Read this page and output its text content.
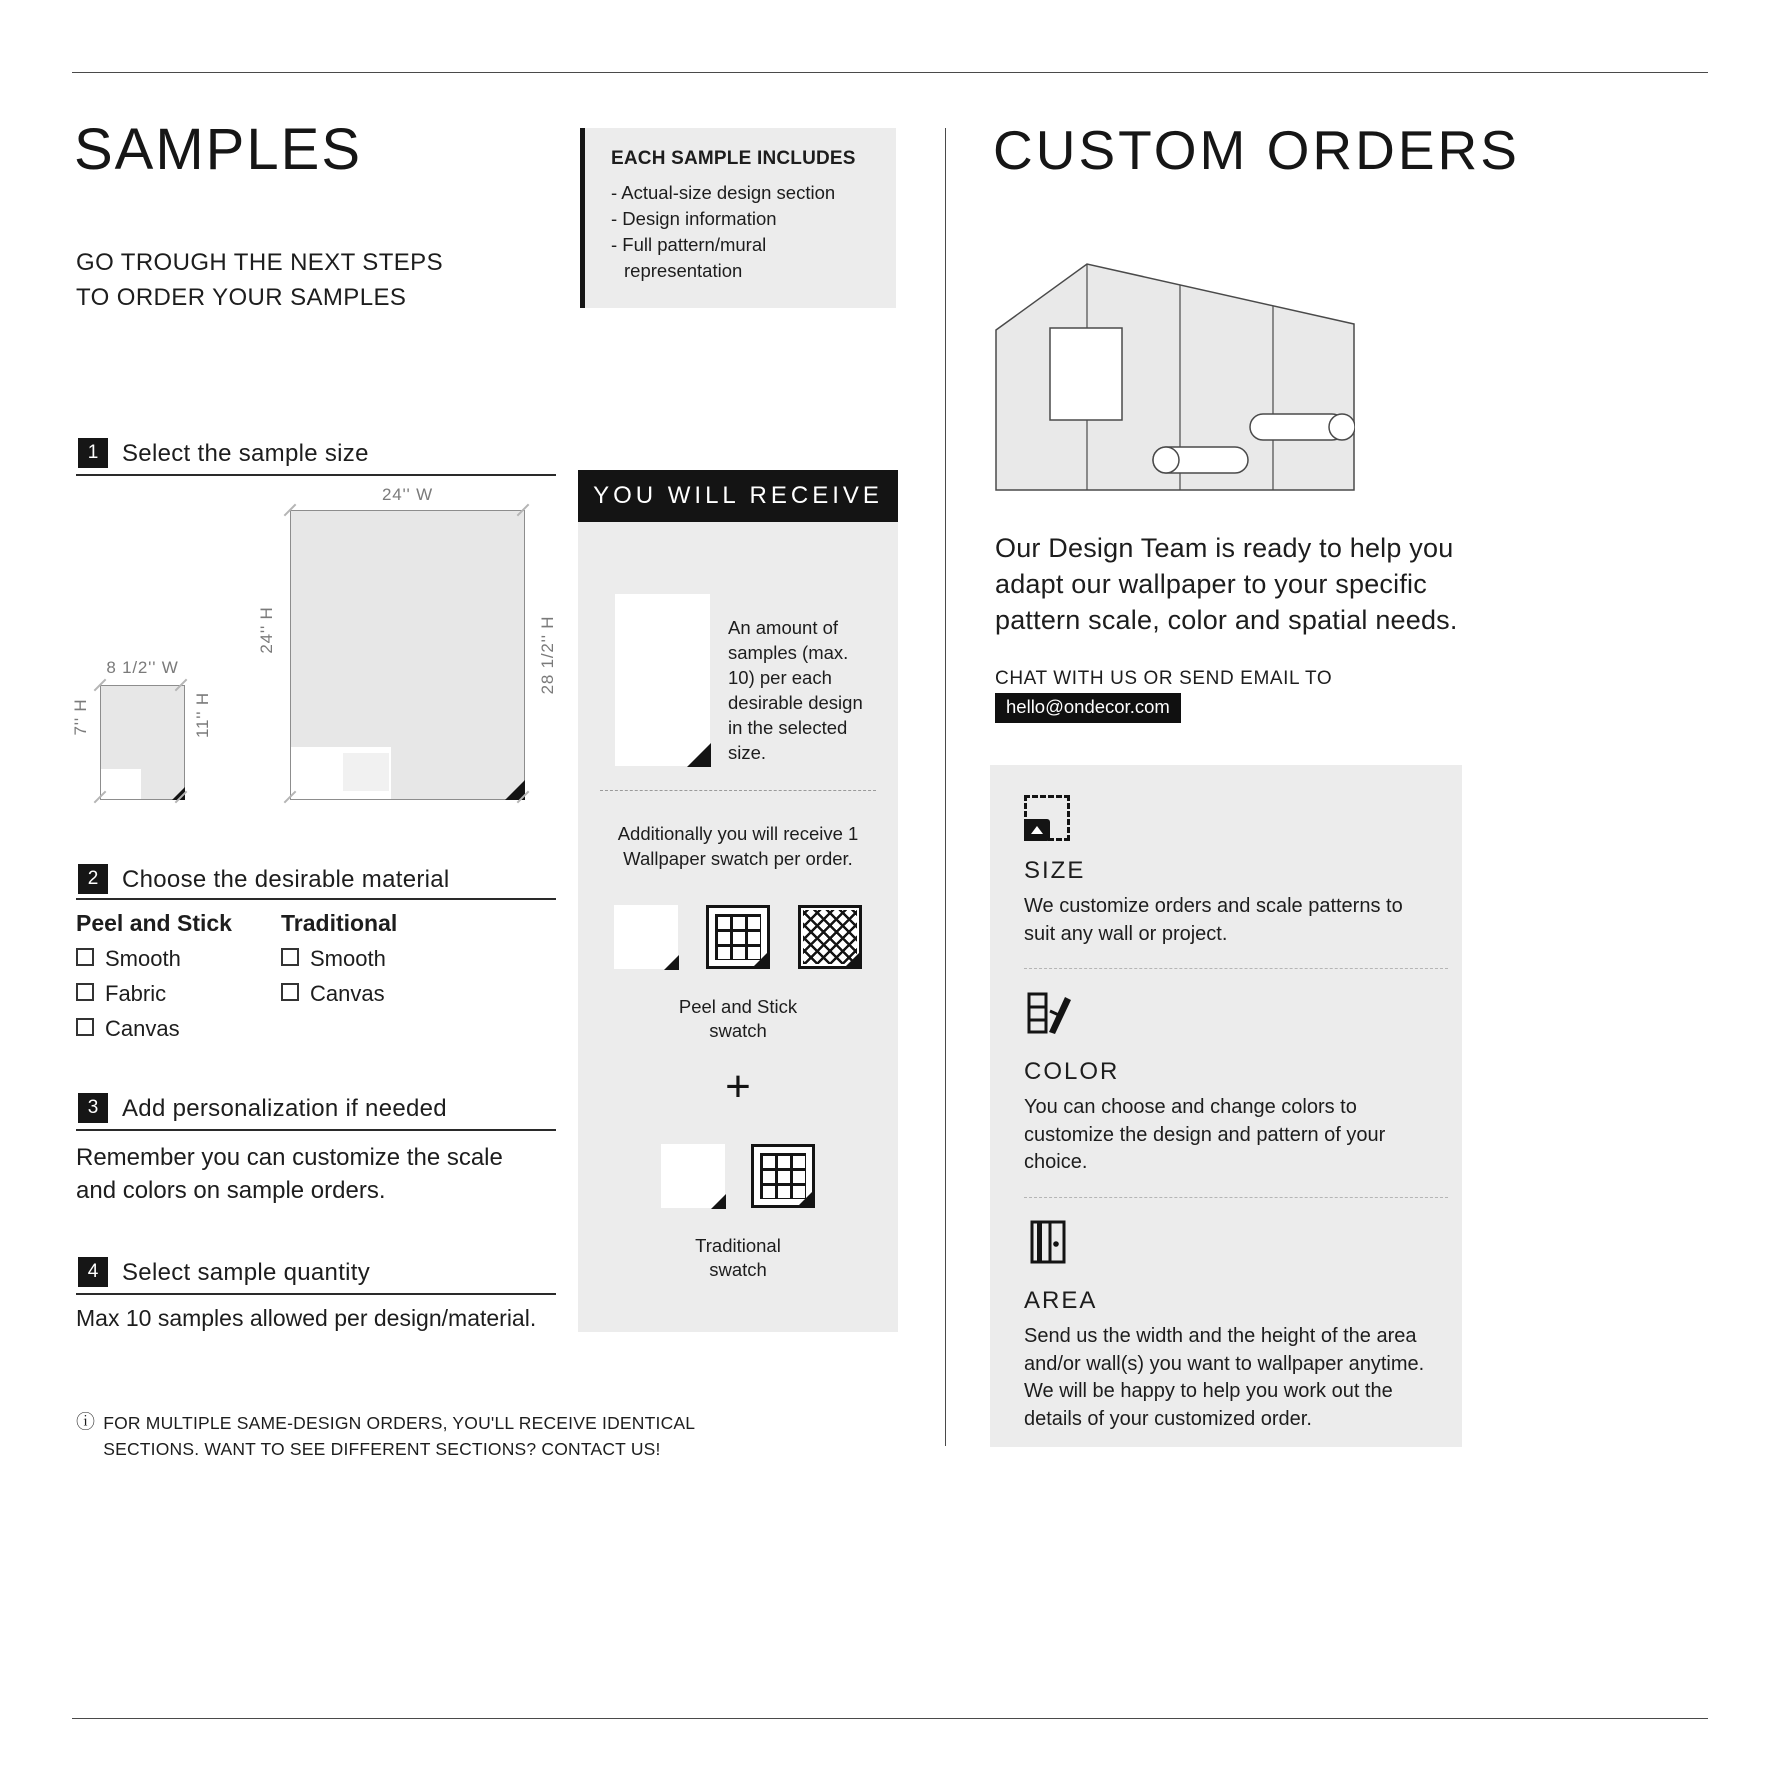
SAMPLES
GO TROUGH THE NEXT STEPS
TO ORDER YOUR SAMPLES
EACH SAMPLE INCLUDES
- Actual-size design section
- Design information
- Full pattern/mural representation
1 Select the sample size
24'' W
24'' H	28 1/2'' H
8 1/2'' W
7'' H	11'' H
2 Choose the desirable material
Peel and Stick Traditional
Smooth
Fabric
Canvas
Smooth
Canvas
3 Add personalization if needed
Remember you can customize the scale and colors on sample orders.
4 Select sample quantity
Max 10 samples allowed per design/material.
ⓘ FOR MULTIPLE SAME-DESIGN ORDERS, YOU'LL RECEIVE IDENTICAL
SECTIONS. WANT TO SEE DIFFERENT SECTIONS? CONTACT US!
YOU WILL RECEIVE
An amount of samples (max. 10) per each desirable design in the selected size.
Additionally you will receive 1 Wallpaper swatch per order.
Peel and Stick
swatch
+
Traditional
swatch
CUSTOM ORDERS
Our Design Team is ready to help you adapt our wallpaper to your specific pattern scale, color and spatial needs.
CHAT WITH US OR SEND EMAIL TO
hello@ondecor.com
SIZE
We customize orders and scale patterns to suit any wall or project.
COLOR
You can choose and change colors to customize the design and pattern of your choice.
AREA
Send us the width and the height of the area and/or wall(s) you want to wallpaper anytime. We will be happy to help you work out the details of your customized order.
